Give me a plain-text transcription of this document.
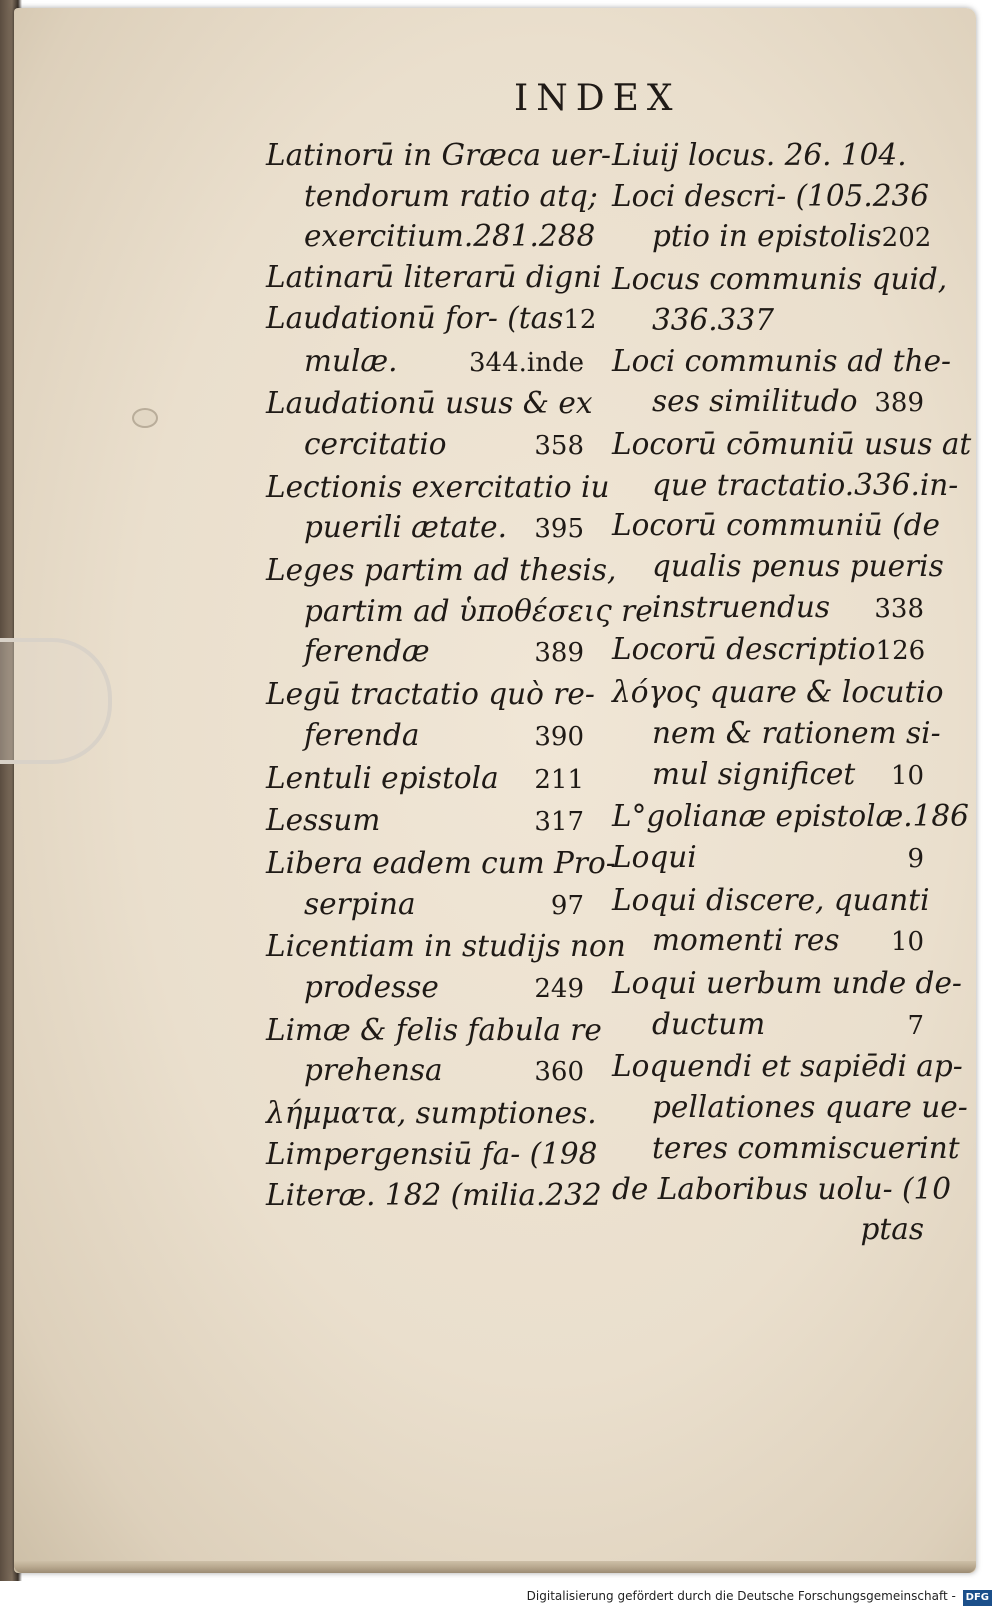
INDEX
Latinorū in Græca uer-
tendorum ratio atq;
exercitium.281.288
Latinarū literarū digni
Laudationū for- (tas 12
mulæ.	344.inde
Laudationū usus & ex
cercitatio	358
Lectionis exercitatio iu
puerili ætate. 395
Leges partim ad thesis,
partim ad ὑποθέσεις re
ferendæ	389
Legū tractatio quò re-
ferenda	390
Lentuli epistola 211
Lessum	317
Libera eadem cum Pro-
serpina	97
Licentiam in studijs non
prodesse	249
Limæ & felis fabula re
prehensa	360
λήμματα, sumptiones.
Limpergensiū fa- (198
Literæ. 182 (milia.232
Liuij locus. 26. 104.
Loci descri- (105.236
ptio in epistolis 202
Locus communis quid,
336.337
Loci communis ad the-
ses similitudo 389
Locorū cōmuniū usus at
que tractatio.336.in-
Locorū communiū (de
qualis penus pueris
instruendus 338
Locorū descriptio 126
λόγος quare & locutio
nem & rationem si-
mul significet 10
L°golianæ epistolæ.186
Loqui	9
Loqui discere, quanti
momenti res 10
Loqui uerbum unde de-
ductum	7
Loquendi et sapiēdi ap-
pellationes quare ue-
teres commiscuerint
de Laboribus uolu- (10
ptas
Digitalisierung gefördert durch die Deutsche Forschungsgemeinschaft - DFG
